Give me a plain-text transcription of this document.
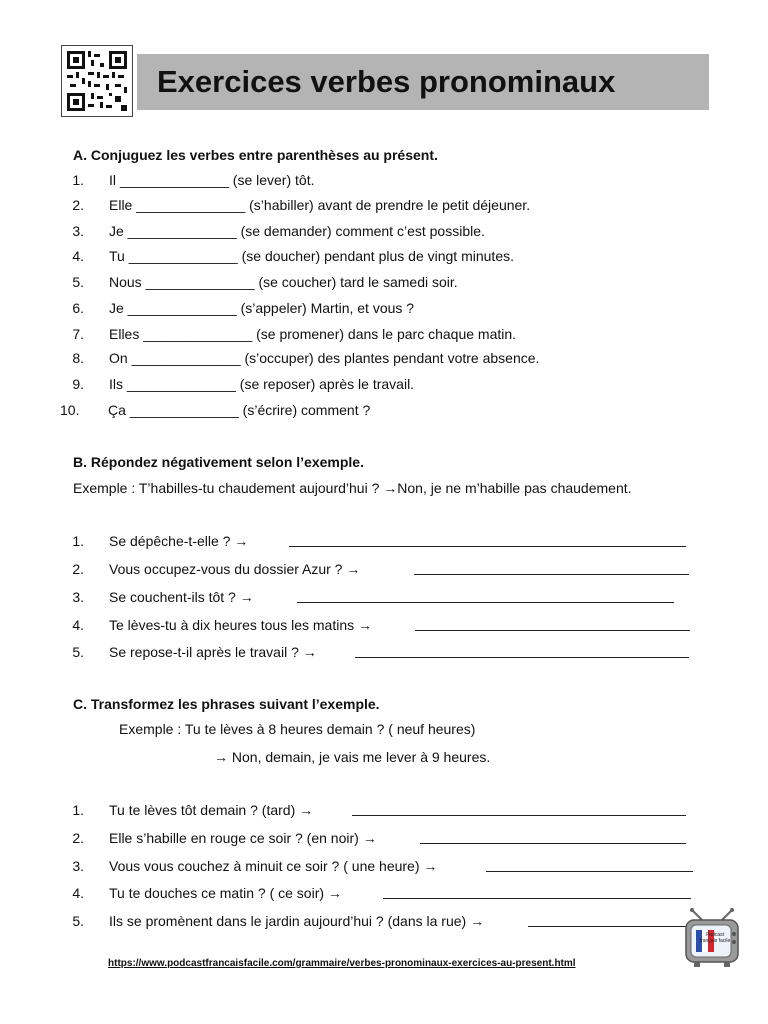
Exercices verbes pronominaux

A. Conjuguez les verbes entre parenthèses au présent.

1. Il ______________ (se lever) tôt.
2. Elle ______________ (s’habiller) avant de prendre le petit déjeuner.
3. Je ______________ (se demander) comment c’est possible.
4. Tu ______________ (se doucher) pendant plus de vingt minutes.
5. Nous ______________ (se coucher) tard le samedi soir.
6. Je ______________ (s’appeler) Martin, et vous ?
7. Elles ______________ (se promener) dans le parc chaque matin.
8. On ______________ (s’occuper) des plantes pendant votre absence.
9. Ils ______________ (se reposer) après le travail.
10. Ça ______________ (s’écrire) comment ?

B. Répondez négativement selon l’exemple.

Exemple : T’habilles-tu chaudement aujourd’hui ? →Non, je ne m’habille pas chaudement.
1. Se dépêche-t-elle ? →
2. Vous occupez-vous du dossier Azur ? →
3. Se couchent-ils tôt ? →
4. Te lèves-tu à dix heures tous les matins →
5. Se repose-t-il après le travail ? →

C. Transformez les phrases suivant l’exemple.

Exemple : Tu te lèves à 8 heures demain ? ( neuf heures)
→ Non, demain, je vais me lever à 9 heures.
1. Tu te lèves tôt demain ? (tard) →
2. Elle s’habille en rouge ce soir ? (en noir) →
3. Vous vous couchez à minuit ce soir ? ( une heure) →
4. Tu te douches ce matin ? ( ce soir) →
5. Ils se promènent dans le jardin aujourd’hui ? (dans la rue) →
Podcast français facile
https://www.podcastfrancaisfacile.com/grammaire/verbes-pronominaux-exercices-au-present.html
